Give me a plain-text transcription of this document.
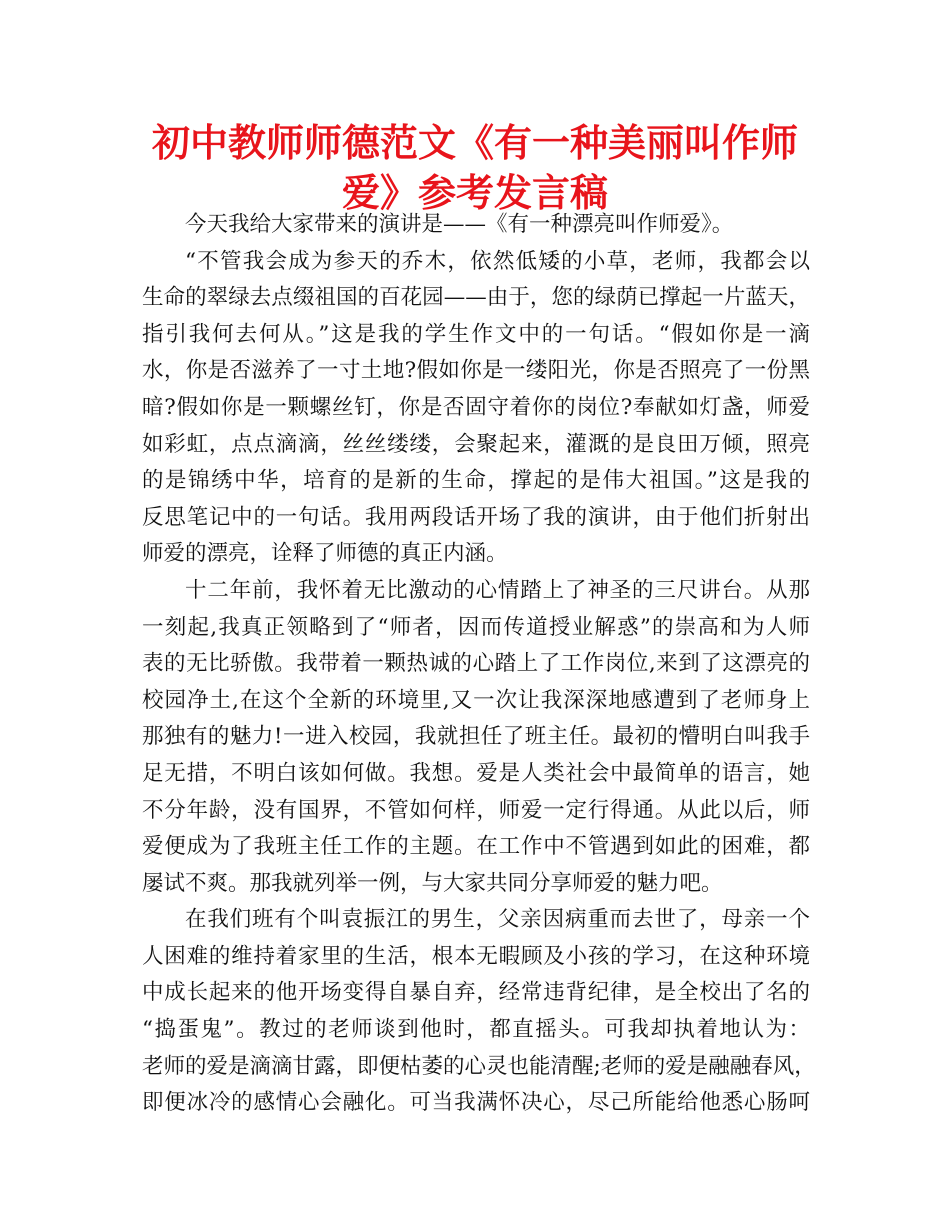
初中教师师德范文《有一种美丽叫作师
爱》参考发言稿
今天我给大家带来的演讲是——《有一种漂亮叫作师爱》。
“不管我会成为参天的乔木，依然低矮的小草，老师，我都会以
生命的翠绿去点缀祖国的百花园——由于，您的绿荫已撑起一片蓝天，
指引我何去何从。”这是我的学生作文中的一句话。“假如你是一滴
水，你是否滋养了一寸土地?假如你是一缕阳光，你是否照亮了一份黑
暗?假如你是一颗螺丝钉，你是否固守着你的岗位?奉献如灯盏，师爱
如彩虹，点点滴滴，丝丝缕缕，会聚起来，灌溉的是良田万倾，照亮
的是锦绣中华，培育的是新的生命，撑起的是伟大祖国。”这是我的
反思笔记中的一句话。我用两段话开场了我的演讲，由于他们折射出
师爱的漂亮，诠释了师德的真正内涵。
十二年前，我怀着无比激动的心情踏上了神圣的三尺讲台。从那
一刻起,我真正领略到了“师者，因而传道授业解惑”的崇高和为人师
表的无比骄傲。我带着一颗热诚的心踏上了工作岗位,来到了这漂亮的
校园净土,在这个全新的环境里,又一次让我深深地感遭到了老师身上
那独有的魅力!一进入校园，我就担任了班主任。最初的懵明白叫我手
足无措，不明白该如何做。我想。爱是人类社会中最简单的语言，她
不分年龄，没有国界，不管如何样，师爱一定行得通。从此以后，师
爱便成为了我班主任工作的主题。在工作中不管遇到如此的困难，都
屡试不爽。那我就列举一例，与大家共同分享师爱的魅力吧。
在我们班有个叫袁振江的男生，父亲因病重而去世了，母亲一个
人困难的维持着家里的生活，根本无暇顾及小孩的学习，在这种环境
中成长起来的他开场变得自暴自弃，经常违背纪律，是全校出了名的
“捣蛋鬼”。教过的老师谈到他时，都直摇头。可我却执着地认为：
老师的爱是滴滴甘露，即便枯萎的心灵也能清醒;老师的爱是融融春风，
即便冰冷的感情心会融化。可当我满怀决心，尽己所能给他悉心肠呵
